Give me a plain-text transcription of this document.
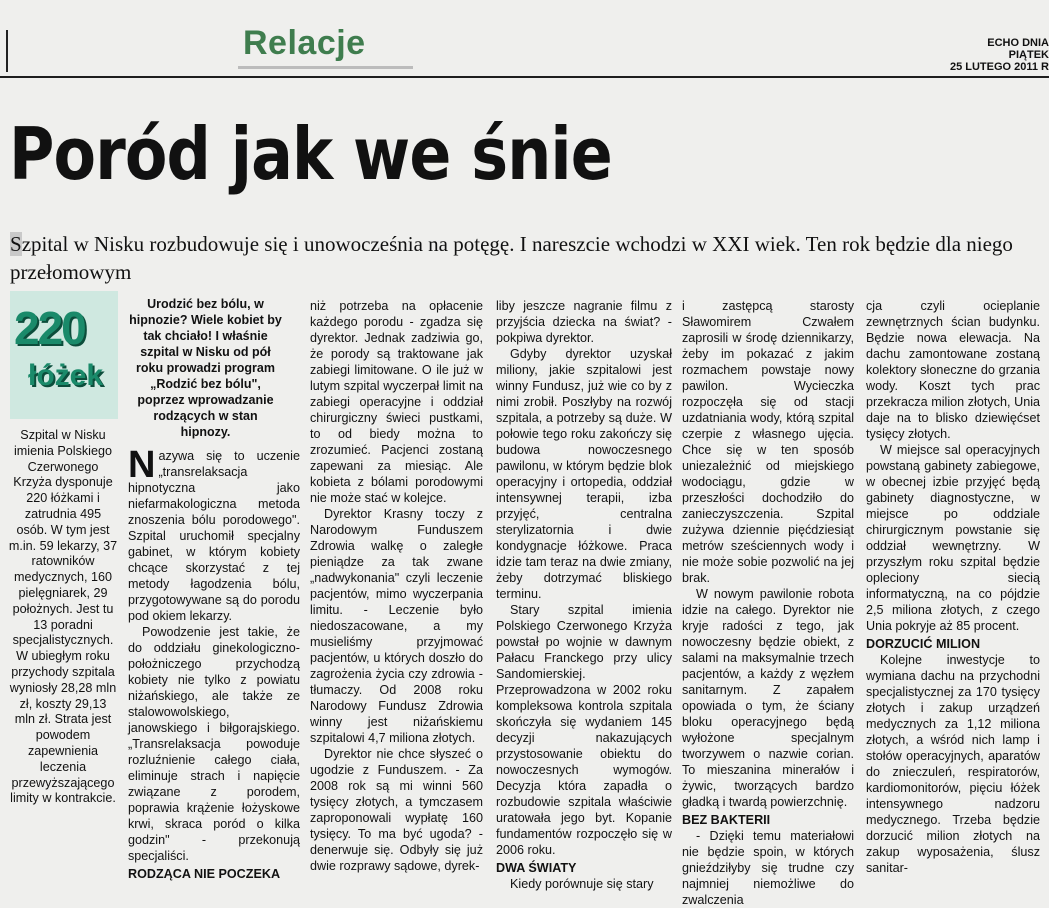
Relacje	ECHO DNIA
PIĄTEK
25 LUTEGO 2011 R
Poród jak we śnie
Szpital w Nisku rozbudowuje się i unowocześnia na potęgę. I nareszcie wchodzi w XXI wiek. Ten rok będzie dla niego przełomowym
220
łóżek
Szpital w Nisku imienia Polskiego Czerwonego Krzyża dysponuje 220 łóżkami i zatrudnia 495 osób. W tym jest m.in. 59 lekarzy, 37 ratowników medycznych, 160 pielęgniarek, 29 położnych. Jest tu 13 poradni specjalistycznych. W ubiegłym roku przychody szpitala wyniosły 28,28 mln zł, koszty 29,13 mln zł. Strata jest powodem zapewnienia leczenia przewyższającego limity w kontrakcie.
Urodzić bez bólu, w hipnozie? Wiele kobiet by tak chciało! I właśnie szpital w Nisku od pół roku prowadzi program „Rodzić bez bólu", poprzez wprowadzanie rodzących w stan hipnozy.

Nazywa się to uczenie „transrelaksacja hipnotyczna jako niefarmakologiczna metoda znoszenia bólu porodowego". Szpital uruchomił specjalny gabinet, w którym kobiety chcące skorzystać z tej metody łagodzenia bólu, przygotowywane są do porodu pod okiem lekarzy.

Powodzenie jest takie, że do oddziału ginekologiczno-położniczego przychodzą kobiety nie tylko z powiatu niżańskiego, ale także ze stalowowolskiego, janowskiego i biłgorajskiego. „Transrelaksacja powoduje rozluźnienie całego ciała, eliminuje strach i napięcie związane z porodem, poprawia krążenie łożyskowe krwi, skraca poród o kilka godzin" - przekonują specjaliści.

RODZĄCA NIE POCZEKA

niż potrzeba na opłacenie każdego porodu - zgadza się dyrektor. Jednak zadziwia go, że porody są traktowane jak zabiegi limitowane. O ile już w lutym szpital wyczerpał limit na zabiegi operacyjne i oddział chirurgiczny świeci pustkami, to od biedy można to zrozumieć. Pacjenci zostaną zapewani za miesiąc. Ale kobieta z bólami porodowymi nie może stać w kolejce.

Dyrektor Krasny toczy z Narodowym Funduszem Zdrowia walkę o zaległe pieniądze za tak zwane „nadwykonania" czyli leczenie pacjentów, mimo wyczerpania limitu. - Leczenie było niedoszacowane, a my musieliśmy przyjmować pacjentów, u których doszło do zagrożenia życia czy zdrowia - tłumaczy. Od 2008 roku Narodowy Fundusz Zdrowia winny jest niżańskiemu szpitalowi 4,7 miliona złotych.

Dyrektor nie chce słyszeć o ugodzie z Funduszem. - Za 2008 rok są mi winni 560 tysięcy złotych, a tymczasem zaproponowali wypłatę 160 tysięcy. To ma być ugoda? - denerwuje się. Odbyły się już dwie rozprawy sądowe, dyrek-

liby jeszcze nagranie filmu z przyjścia dziecka na świat? - pokpiwa dyrektor.

Gdyby dyrektor uzyskał miliony, jakie szpitalowi jest winny Fundusz, już wie co by z nimi zrobił. Poszłyby na rozwój szpitala, a potrzeby są duże. W połowie tego roku zakończy się budowa nowoczesnego pawilonu, w którym będzie blok operacyjny i ortopedia, oddział intensywnej terapii, izba przyjęć, centralna sterylizatornia i dwie kondygnacje łóżkowe. Praca idzie tam teraz na dwie zmiany, żeby dotrzymać bliskiego terminu.

Stary szpital imienia Polskiego Czerwonego Krzyża powstał po wojnie w dawnym Pałacu Franckego przy ulicy Sandomierskiej. Przeprowadzona w 2002 roku kompleksowa kontrola szpitala skończyła się wydaniem 145 decyzji nakazujących przystosowanie obiektu do nowoczesnych wymogów. Decyzja która zapadła o rozbudowie szpitala właściwie uratowała jego byt. Kopanie fundamentów rozpoczęło się w 2006 roku.

DWA ŚWIATY

Kiedy porównuje się stary

i zastępcą starosty Sławomirem Czwałem zaprosili w środę dziennikarzy, żeby im pokazać z jakim rozmachem powstaje nowy pawilon. Wycieczka rozpoczęła się od stacji uzdatniania wody, którą szpital czerpie z własnego ujęcia. Chce się w ten sposób uniezależnić od miejskiego wodociągu, gdzie w przeszłości dochodziło do zanieczyszczenia. Szpital zużywa dziennie pięćdziesiąt metrów sześciennych wody i nie może sobie pozwolić na jej brak.

W nowym pawilonie robota idzie na całego. Dyrektor nie kryje radości z tego, jak nowoczesny będzie obiekt, z salami na maksymalnie trzech pacjentów, a każdy z węzłem sanitarnym. Z zapałem opowiada o tym, że ściany bloku operacyjnego będą wyłożone specjalnym tworzywem o nazwie corian. To mieszanina minerałów i żywic, tworzących bardzo gładką i twardą powierzchnię.

BEZ BAKTERII

- Dzięki temu materiałowi nie będzie spoin, w których gnieździłyby się trudne czy najmniej niemożliwe do zwalczenia

cja czyli ocieplanie zewnętrznych ścian budynku. Będzie nowa elewacja. Na dachu zamontowane zostaną kolektory słoneczne do grzania wody. Koszt tych prac przekracza milion złotych, Unia daje na to blisko dziewięćset tysięcy złotych.

W miejsce sal operacyjnych powstaną gabinety zabiegowe, w obecnej izbie przyjęć będą gabinety diagnostyczne, w miejsce po oddziale chirurgicznym powstanie się oddział wewnętrzny. W przyszłym roku szpital będzie opleciony siecią informatyczną, na co pójdzie 2,5 miliona złotych, z czego Unia pokryje aż 85 procent.

DORZUCIĆ MILION

Kolejne inwestycje to wymiana dachu na przychodni specjalistycznej za 170 tysięcy złotych i zakup urządzeń medycznych za 1,12 miliona złotych, a wśród nich lamp i stołów operacyjnych, aparatów do znieczuleń, respiratorów, kardiomonitorów, pięciu łóżek intensywnego nadzoru medycznego. Trzeba będzie dorzucić milion złotych na zakup wyposażenia, ślusz sanitar-
